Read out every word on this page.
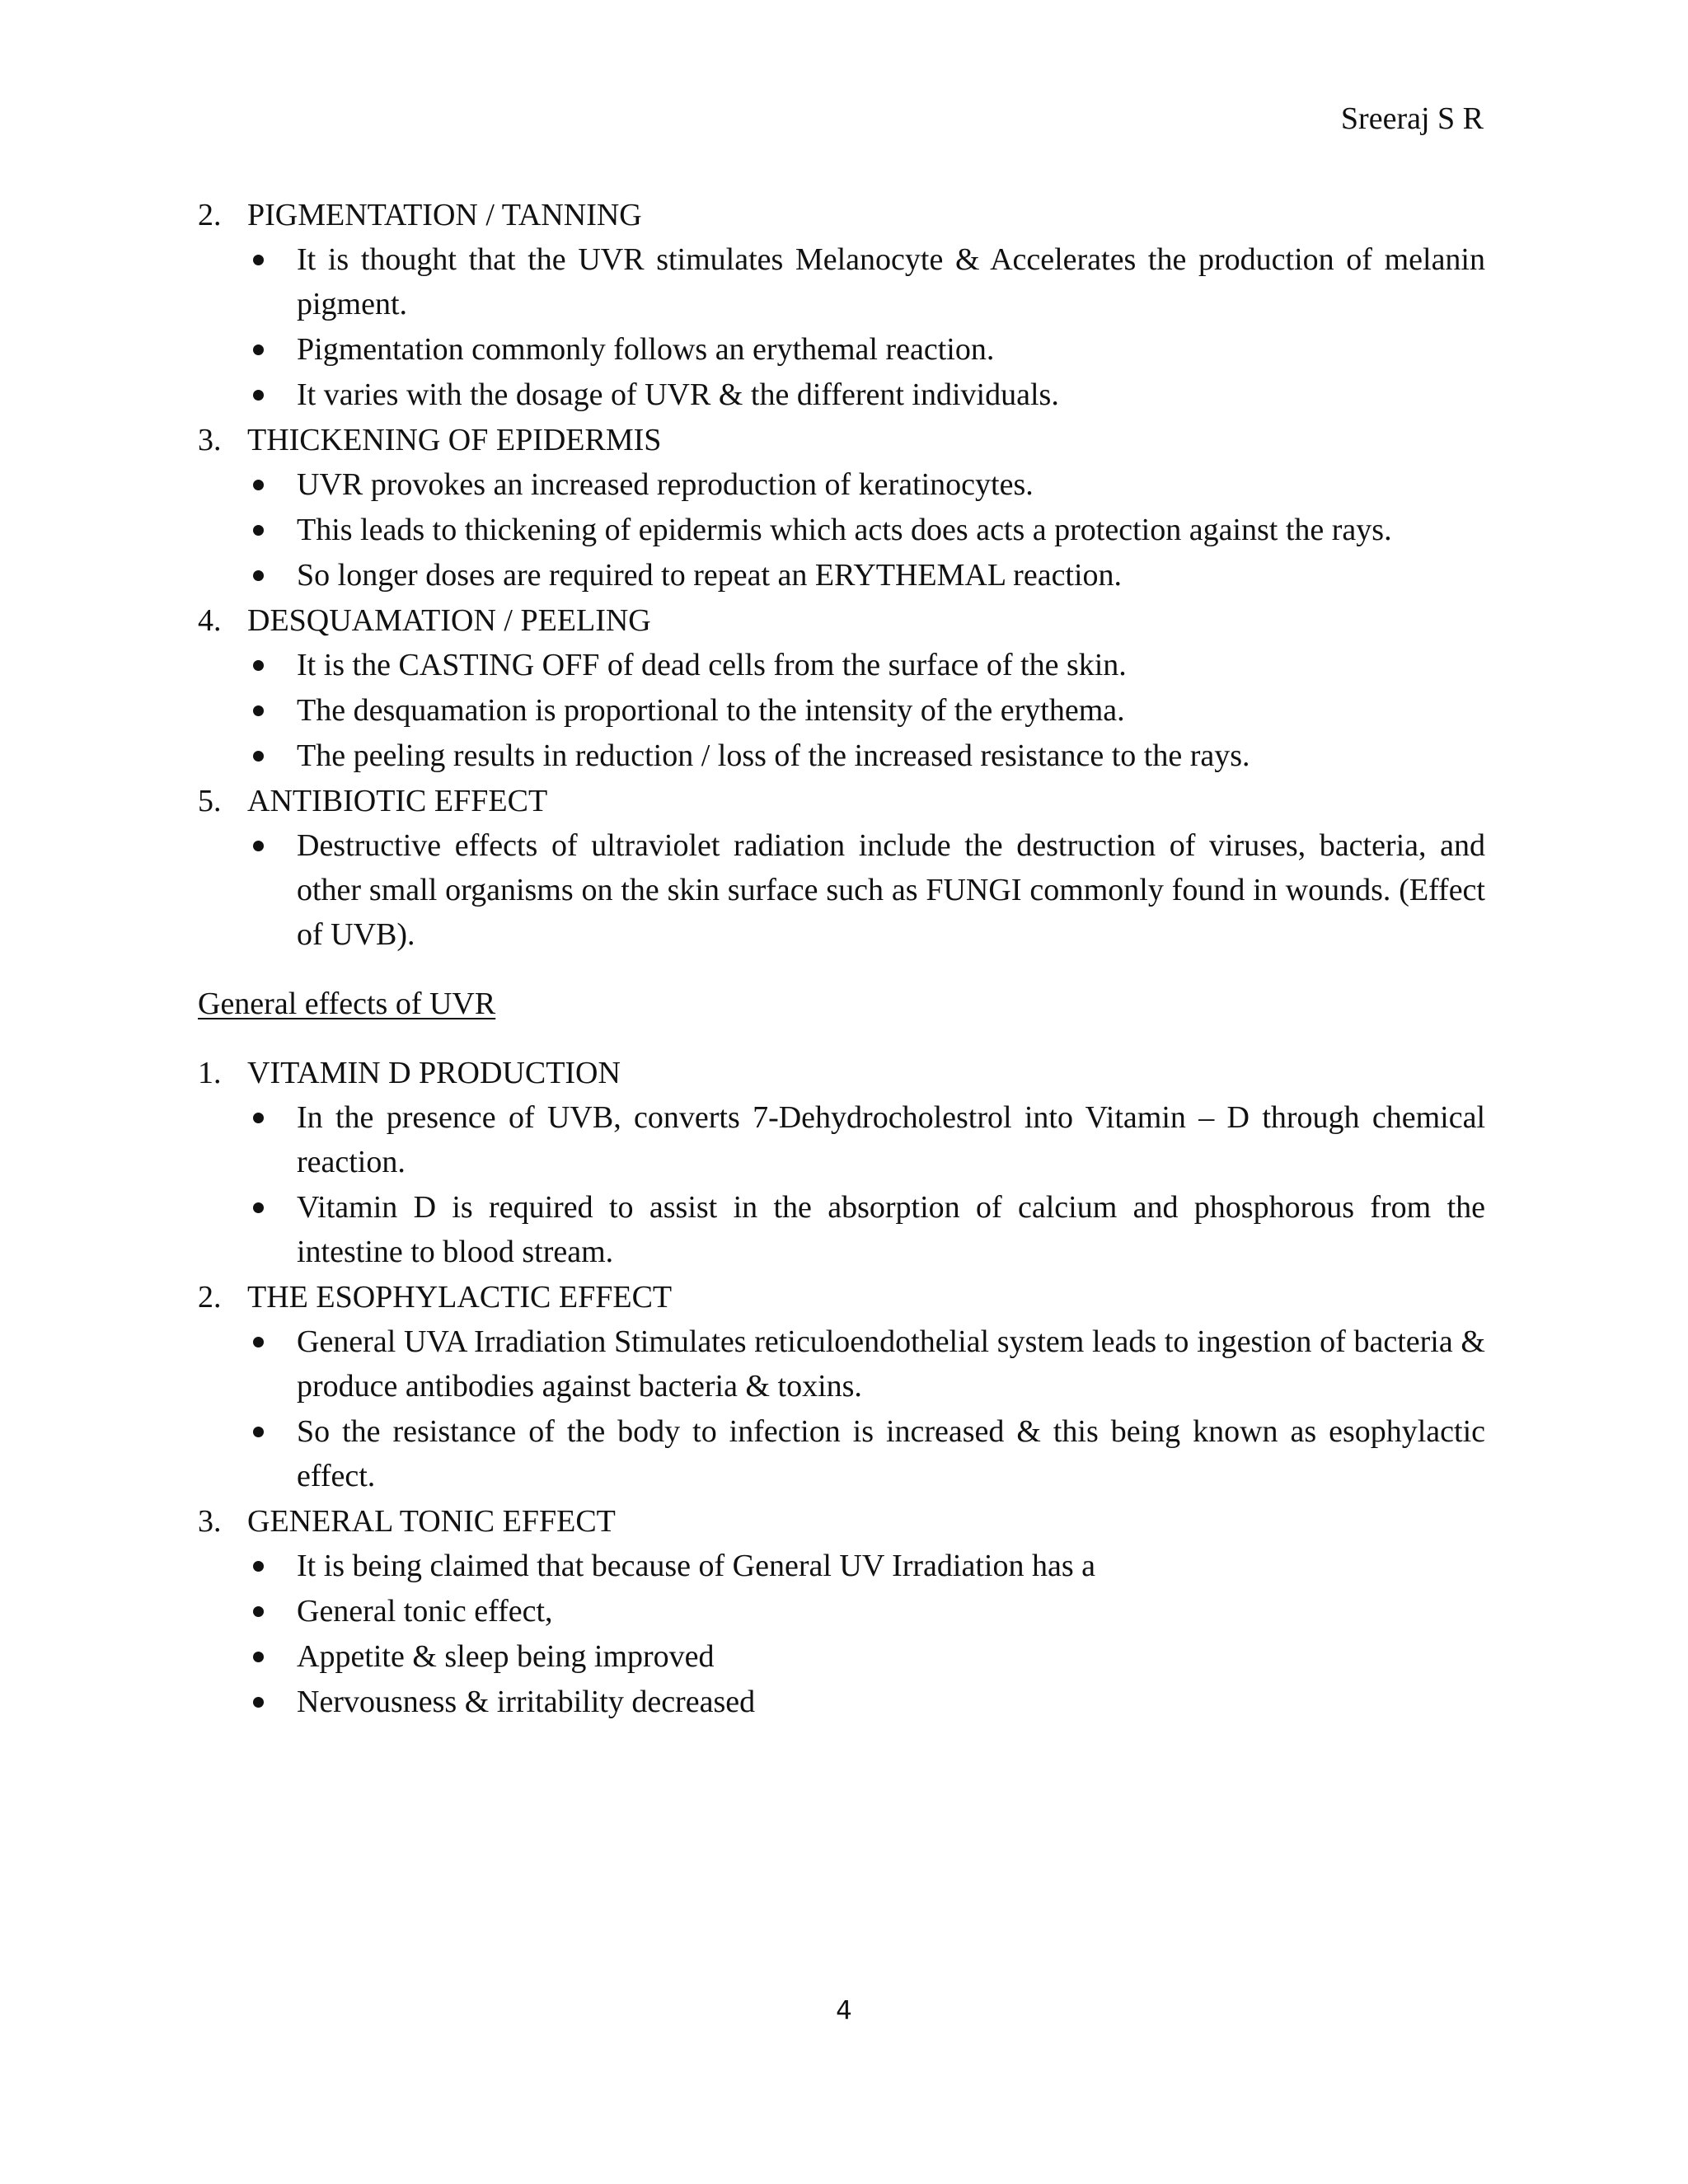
Sreeraj S R
2. PIGMENTATION / TANNING
It is thought that the UVR stimulates Melanocyte & Accelerates the production of melanin pigment.
Pigmentation commonly follows an erythemal reaction.
It varies with the dosage of UVR & the different individuals.
3. THICKENING OF EPIDERMIS
UVR provokes an increased reproduction of keratinocytes.
This leads to thickening of epidermis which acts does acts a protection against the rays.
So longer doses are required to repeat an ERYTHEMAL reaction.
4. DESQUAMATION / PEELING
It is the CASTING OFF of dead cells from the surface of the skin.
The desquamation is proportional to the intensity of the erythema.
The peeling results in reduction / loss of the increased resistance to the rays.
5. ANTIBIOTIC EFFECT
Destructive effects of ultraviolet radiation include the destruction of viruses, bacteria, and other small organisms on the skin surface such as FUNGI commonly found in wounds. (Effect of UVB).
General effects of UVR
1. VITAMIN D PRODUCTION
In the presence of UVB, converts 7-Dehydrocholestrol into Vitamin – D through chemical reaction.
Vitamin D is required to assist in the absorption of calcium and phosphorous from the intestine to blood stream.
2. THE ESOPHYLACTIC EFFECT
General UVA Irradiation Stimulates reticuloendothelial system leads to ingestion of bacteria & produce antibodies against bacteria & toxins.
So the resistance of the body to infection is increased & this being known as esophylactic effect.
3. GENERAL TONIC EFFECT
It is being claimed that because of General UV Irradiation has a
General tonic effect,
Appetite & sleep being improved
Nervousness & irritability decreased
4
